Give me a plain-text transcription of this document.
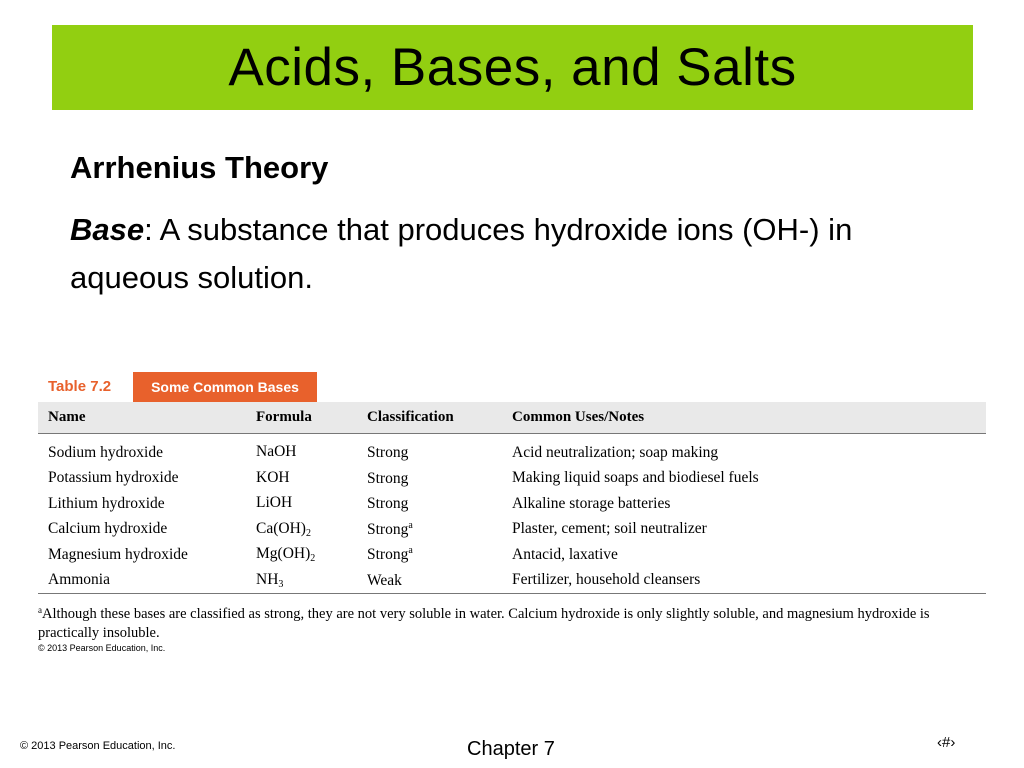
Acids, Bases, and Salts
Arrhenius Theory
Base: A substance that produces hydroxide ions (OH-) in aqueous solution.
Table 7.2	Some Common Bases
Name	Formula	Classification	Common Uses/Notes
Sodium hydroxide	NaOH	Strong	Acid neutralization; soap making
Potassium hydroxide	KOH	Strong	Making liquid soaps and biodiesel fuels
Lithium hydroxide	LiOH	Strong	Alkaline storage batteries
Calcium hydroxide	$Ca(OH)_2$	Strong$^a$	Plaster, cement; soil neutralizer
Magnesium hydroxide	$Mg(OH)_2$	Strong$^a$	Antacid, laxative
Ammonia	$NH_3$	Weak	Fertilizer, household cleansers
$^a$Although these bases are classified as strong, they are not very soluble in water. Calcium hydroxide is only slightly soluble, and magnesium hydroxide is practically insoluble.
© 2013 Pearson Education, Inc.
© 2013 Pearson Education, Inc.	Chapter 7	‹#›
